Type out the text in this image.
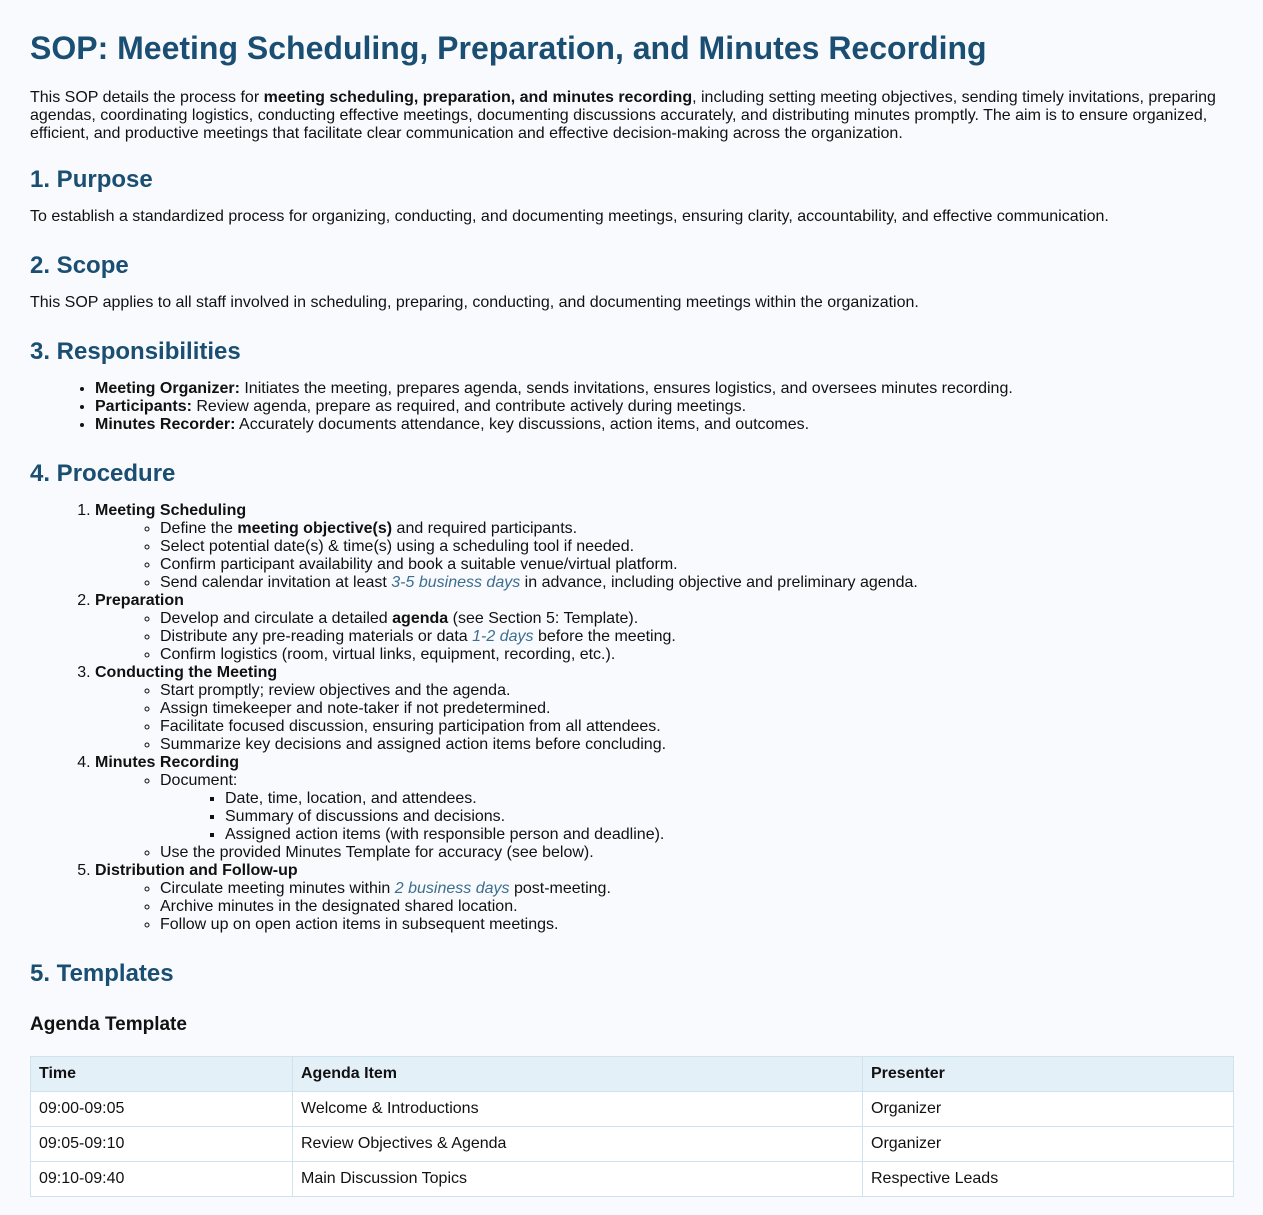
SOP: Meeting Scheduling, Preparation, and Minutes Recording

This SOP details the process for meeting scheduling, preparation, and minutes recording, including setting meeting objectives, sending timely invitations, preparing agendas, coordinating logistics, conducting effective meetings, documenting discussions accurately, and distributing minutes promptly. The aim is to ensure organized, efficient, and productive meetings that facilitate clear communication and effective decision-making across the organization.

1. Purpose

To establish a standardized process for organizing, conducting, and documenting meetings, ensuring clarity, accountability, and effective communication.

2. Scope

This SOP applies to all staff involved in scheduling, preparing, conducting, and documenting meetings within the organization.

3. Responsibilities
• Meeting Organizer: Initiates the meeting, prepares agenda, sends invitations, ensures logistics, and oversees minutes recording.
• Participants: Review agenda, prepare as required, and contribute actively during meetings.
• Minutes Recorder: Accurately documents attendance, key discussions, action items, and outcomes.
4. Procedure
1. Meeting Scheduling
◦ Define the meeting objective(s) and required participants.
◦ Select potential date(s) & time(s) using a scheduling tool if needed.
◦ Confirm participant availability and book a suitable venue/virtual platform.
◦ Send calendar invitation at least 3-5 business days in advance, including objective and preliminary agenda.
2. Preparation
◦ Develop and circulate a detailed agenda (see Section 5: Template).
◦ Distribute any pre-reading materials or data 1-2 days before the meeting.
◦ Confirm logistics (room, virtual links, equipment, recording, etc.).
3. Conducting the Meeting
◦ Start promptly; review objectives and the agenda.
◦ Assign timekeeper and note-taker if not predetermined.
◦ Facilitate focused discussion, ensuring participation from all attendees.
◦ Summarize key decisions and assigned action items before concluding.
4. Minutes Recording
◦ Document:
▪ Date, time, location, and attendees.
▪ Summary of discussions and decisions.
▪ Assigned action items (with responsible person and deadline).
◦ Use the provided Minutes Template for accuracy (see below).
5. Distribution and Follow-up
◦ Circulate meeting minutes within 2 business days post-meeting.
◦ Archive minutes in the designated shared location.
◦ Follow up on open action items in subsequent meetings.
5. Templates
Agenda Template
Time	Agenda Item	Presenter
09:00-09:05	Welcome & Introductions	Organizer
09:05-09:10	Review Objectives & Agenda	Organizer
09:10-09:40	Main Discussion Topics	Respective Leads
